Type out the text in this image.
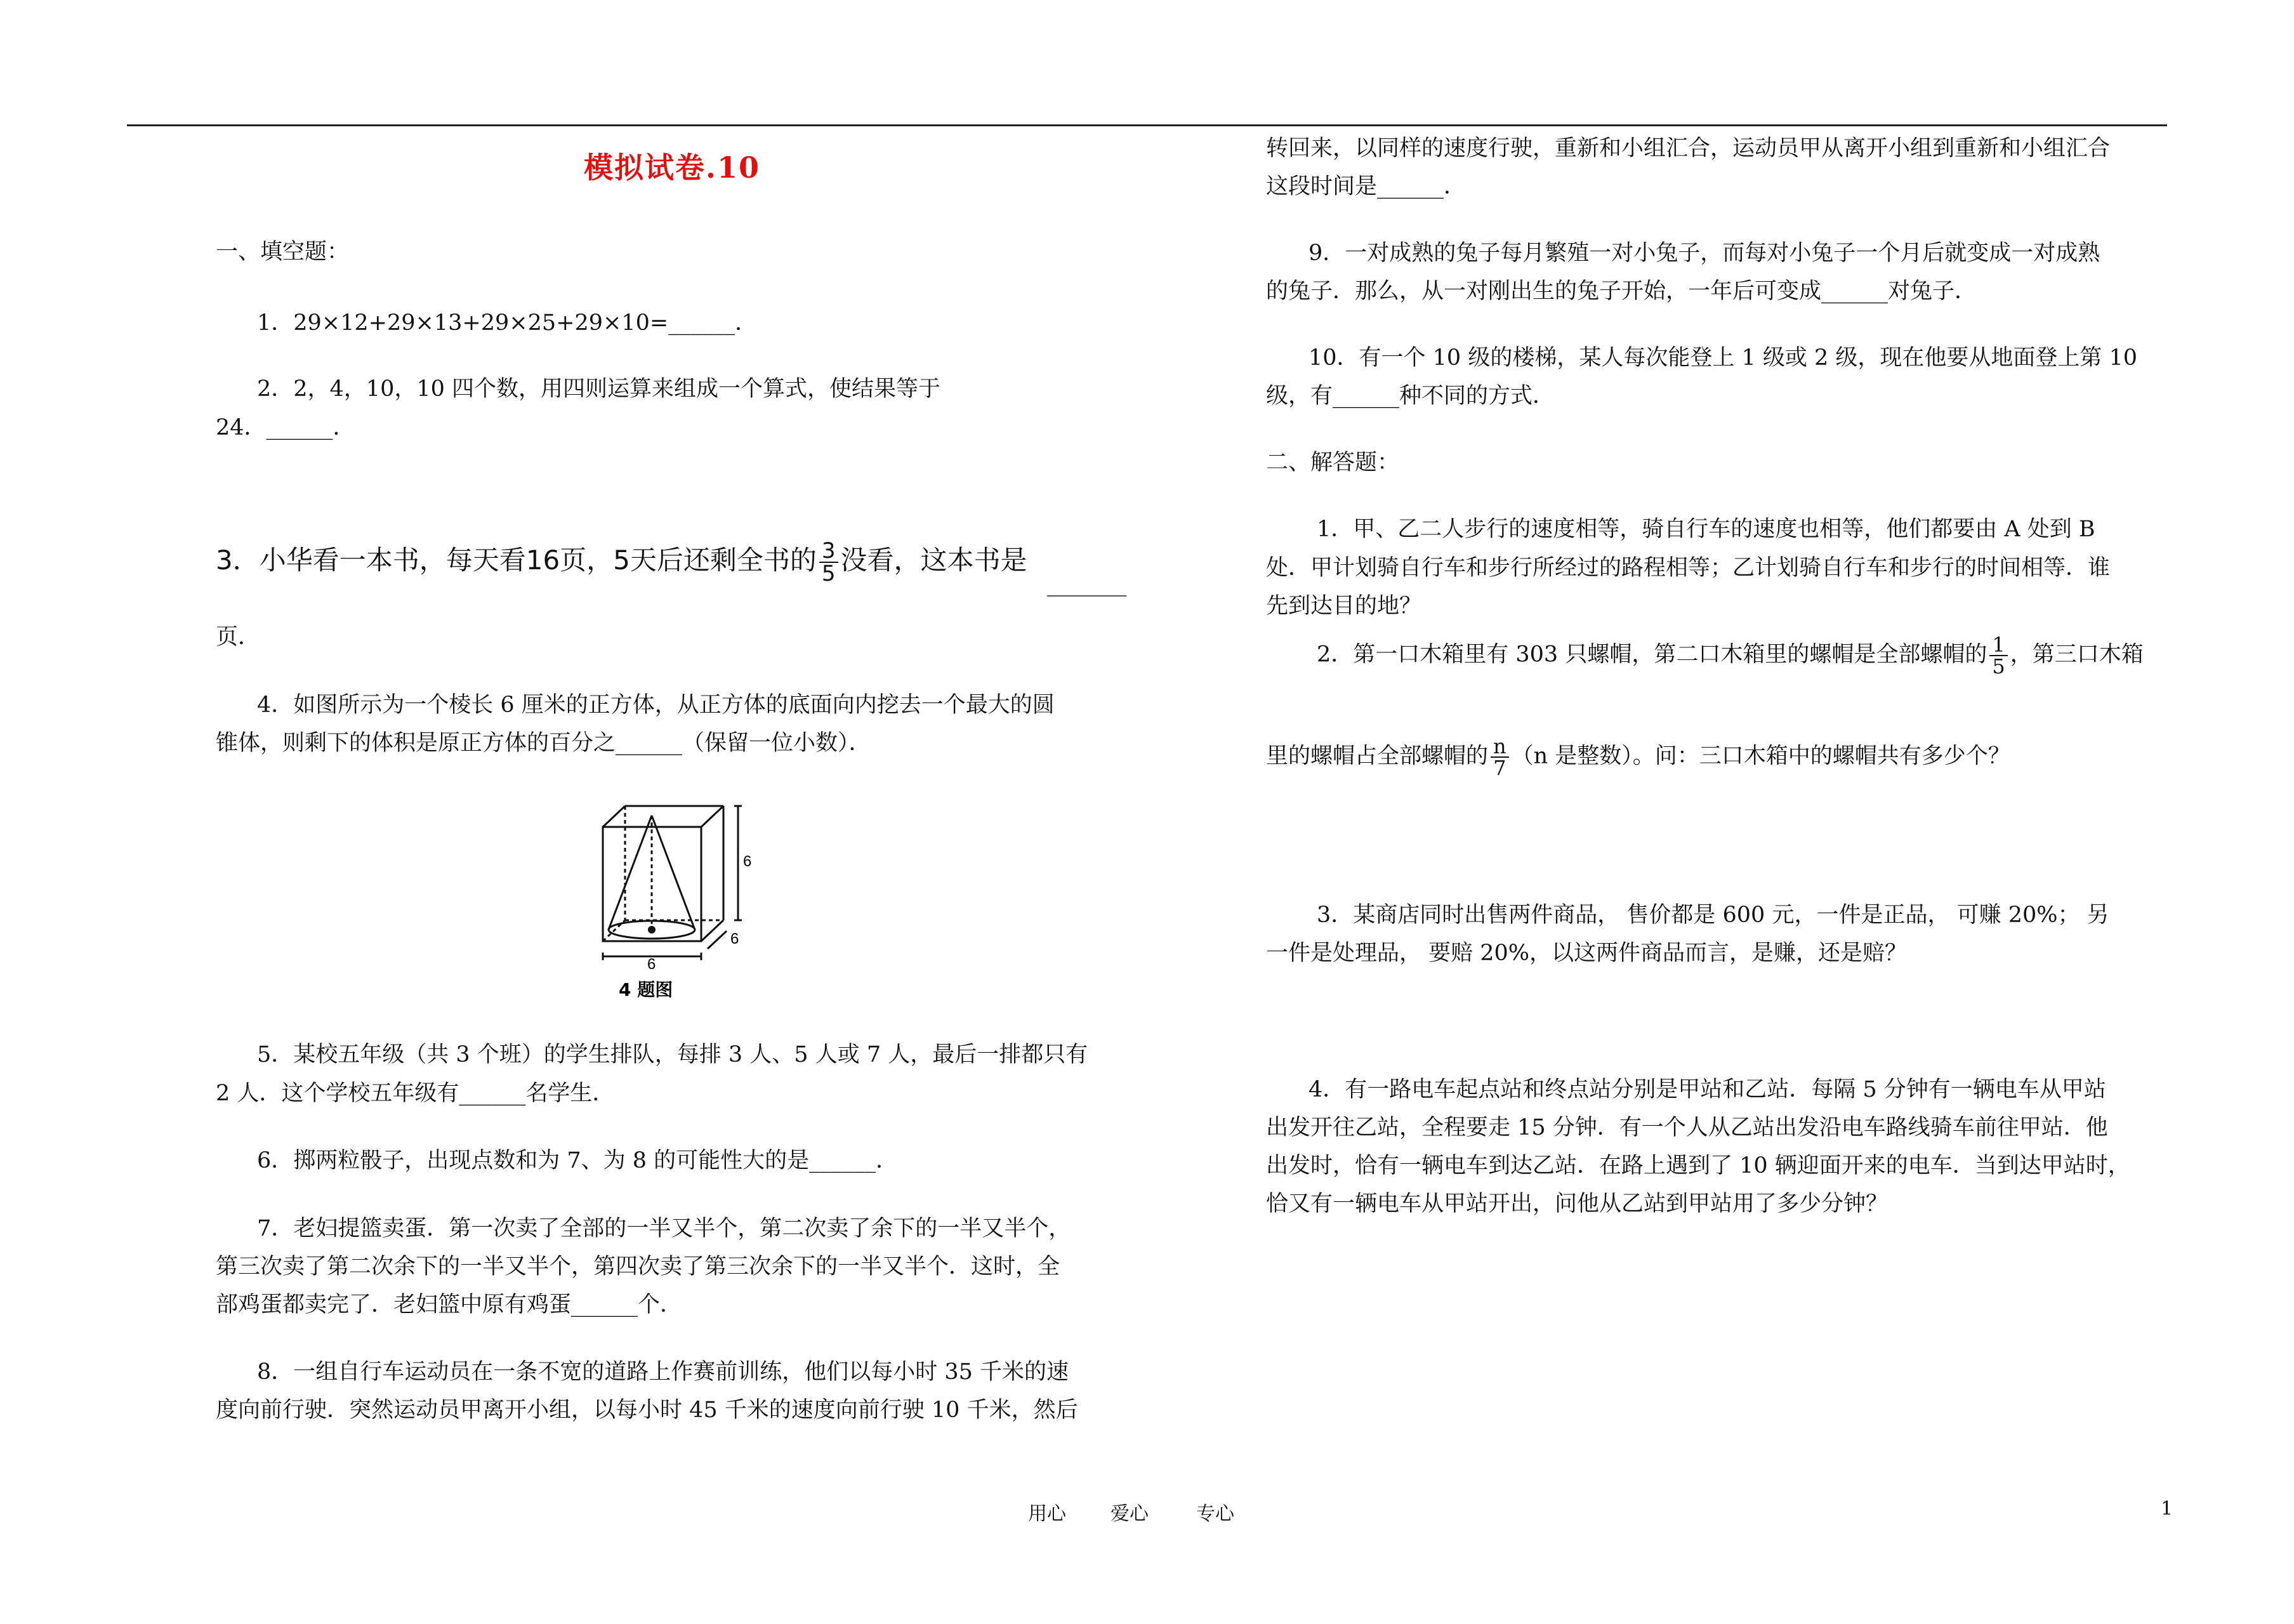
模拟试卷.10
一、填空题：
1．29×12+29×13+29×25+29×10=______．
2．2，4，10，10 四个数，用四则运算来组成一个算式，使结果等于
24．______．
3．小华看一本书，每天看16页，5天后还剩全书的 $\frac{3}{5}$ 没看，这本书是
页．
4．如图所示为一个棱长 6 厘米的正方体，从正方体的底面向内挖去一个最大的圆
锥体，则剩下的体积是原正方体的百分之______（保留一位小数）．
6
6
6
4 题图
5．某校五年级（共 3 个班）的学生排队，每排 3 人、5 人或 7 人，最后一排都只有
2 人．这个学校五年级有______名学生．
6．掷两粒骰子，出现点数和为 7、为 8 的可能性大的是______．
7．老妇提篮卖蛋．第一次卖了全部的一半又半个，第二次卖了余下的一半又半个，
第三次卖了第二次余下的一半又半个，第四次卖了第三次余下的一半又半个．这时，全
部鸡蛋都卖完了．老妇篮中原有鸡蛋______个．
8．一组自行车运动员在一条不宽的道路上作赛前训练，他们以每小时 35 千米的速
度向前行驶．突然运动员甲离开小组，以每小时 45 千米的速度向前行驶 10 千米，然后
转回来，以同样的速度行驶，重新和小组汇合，运动员甲从离开小组到重新和小组汇合
这段时间是______．
9．一对成熟的兔子每月繁殖一对小兔子，而每对小兔子一个月后就变成一对成熟
的兔子．那么，从一对刚出生的兔子开始，一年后可变成______对兔子．
10．有一个 10 级的楼梯，某人每次能登上 1 级或 2 级，现在他要从地面登上第 10
级，有______种不同的方式．
二、解答题：
1．甲、乙二人步行的速度相等，骑自行车的速度也相等，他们都要由 A 处到 B
处．甲计划骑自行车和步行所经过的路程相等；乙计划骑自行车和步行的时间相等．谁
先到达目的地？
2．第一口木箱里有 303 只螺帽，第二口木箱里的螺帽是全部螺帽的 $\frac{1}{5}$ ，第三口木箱
里的螺帽占全部螺帽的 $\frac{n}{7} (n$ 是整数）。问：三口木箱中的螺帽共有多少个？
3．某商店同时出售两件商品， 售价都是 600 元，一件是正品， 可赚 20%； 另
一件是处理品， 要赔 20%，以这两件商品而言，是赚，还是赔？
4．有一路电车起点站和终点站分别是甲站和乙站．每隔 5 分钟有一辆电车从甲站
出发开往乙站，全程要走 15 分钟．有一个人从乙站出发沿电车路线骑车前往甲站．他
出发时，恰有一辆电车到达乙站．在路上遇到了 10 辆迎面开来的电车．当到达甲站时，
恰又有一辆电车从甲站开出，问他从乙站到甲站用了多少分钟？
用心 爱心	专心	1
